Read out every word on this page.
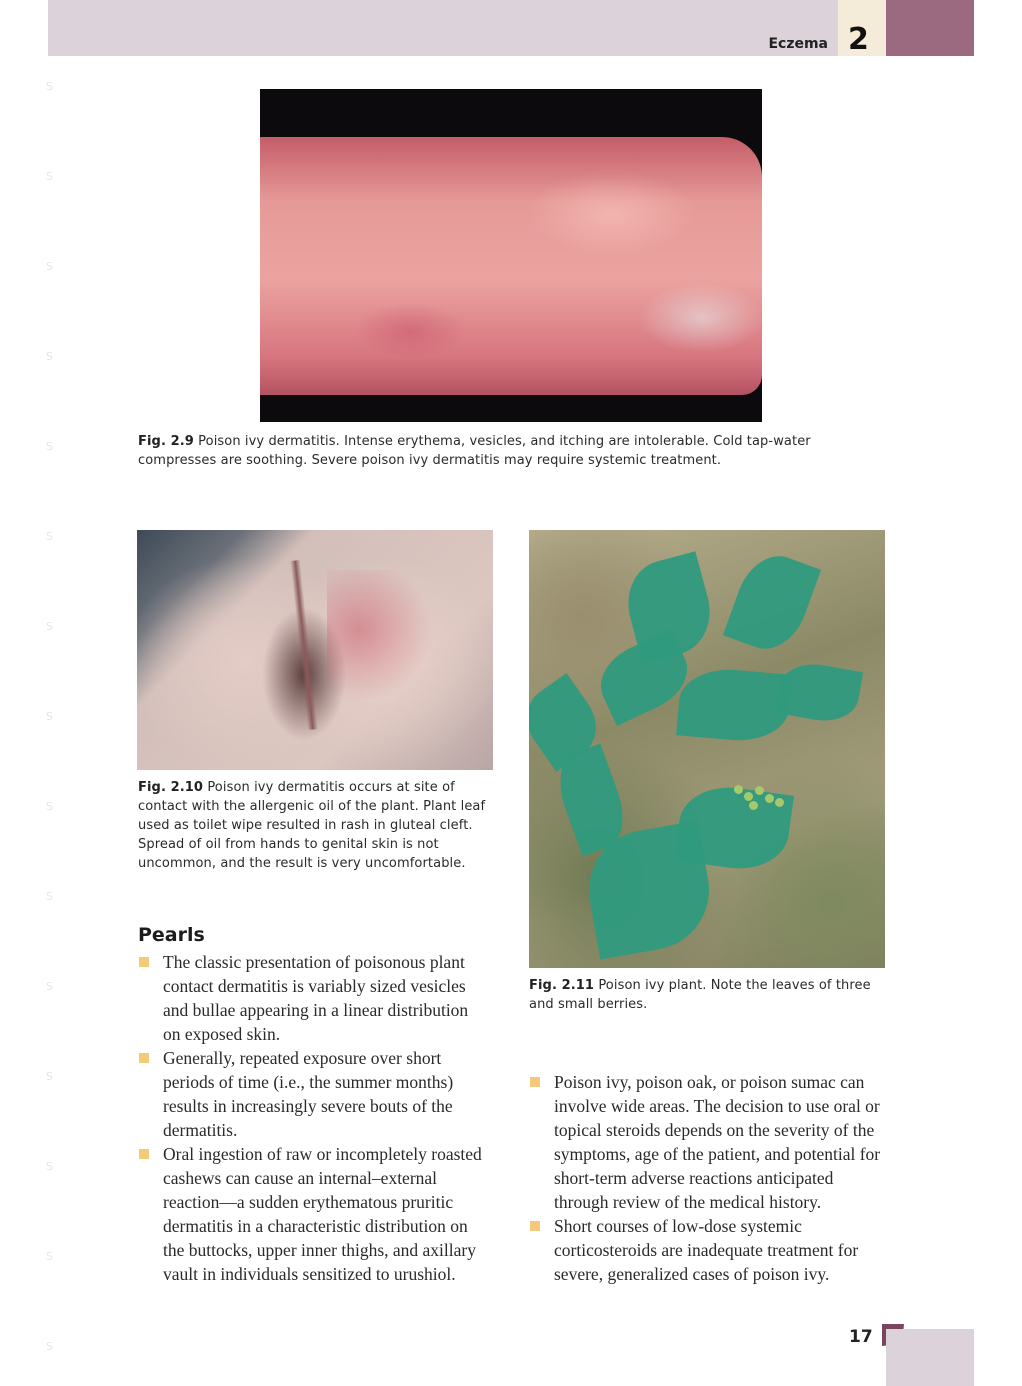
Eczema 2
S
S
S
S
S
S
S
S
S
S
S
S
S
S
S
Fig. 2.9 Poison ivy dermatitis. Intense erythema, vesicles, and itching are intolerable. Cold tap-water compresses are soothing. Severe poison ivy dermatitis may require systemic treatment.
Fig. 2.10 Poison ivy dermatitis occurs at site of contact with the allergenic oil of the plant. Plant leaf used as toilet wipe resulted in rash in gluteal cleft. Spread of oil from hands to genital skin is not uncommon, and the result is very uncomfortable.
Fig. 2.11 Poison ivy plant. Note the leaves of three and small berries.
Pearls
The classic presentation of poisonous plant contact dermatitis is variably sized vesicles and bullae appearing in a linear distribution on exposed skin.
Generally, repeated exposure over short periods of time (i.e., the summer months) results in increasingly severe bouts of the dermatitis.
Oral ingestion of raw or incompletely roasted cashews can cause an internal–external reaction—a sudden erythematous pruritic dermatitis in a characteristic distribution on the buttocks, upper inner thighs, and axillary vault in individuals sensitized to urushiol.
Poison ivy, poison oak, or poison sumac can involve wide areas. The decision to use oral or topical steroids depends on the severity of the symptoms, age of the patient, and potential for short-term adverse reactions anticipated through review of the medical history.
Short courses of low-dose systemic corticosteroids are inadequate treatment for severe, generalized cases of poison ivy.
17
